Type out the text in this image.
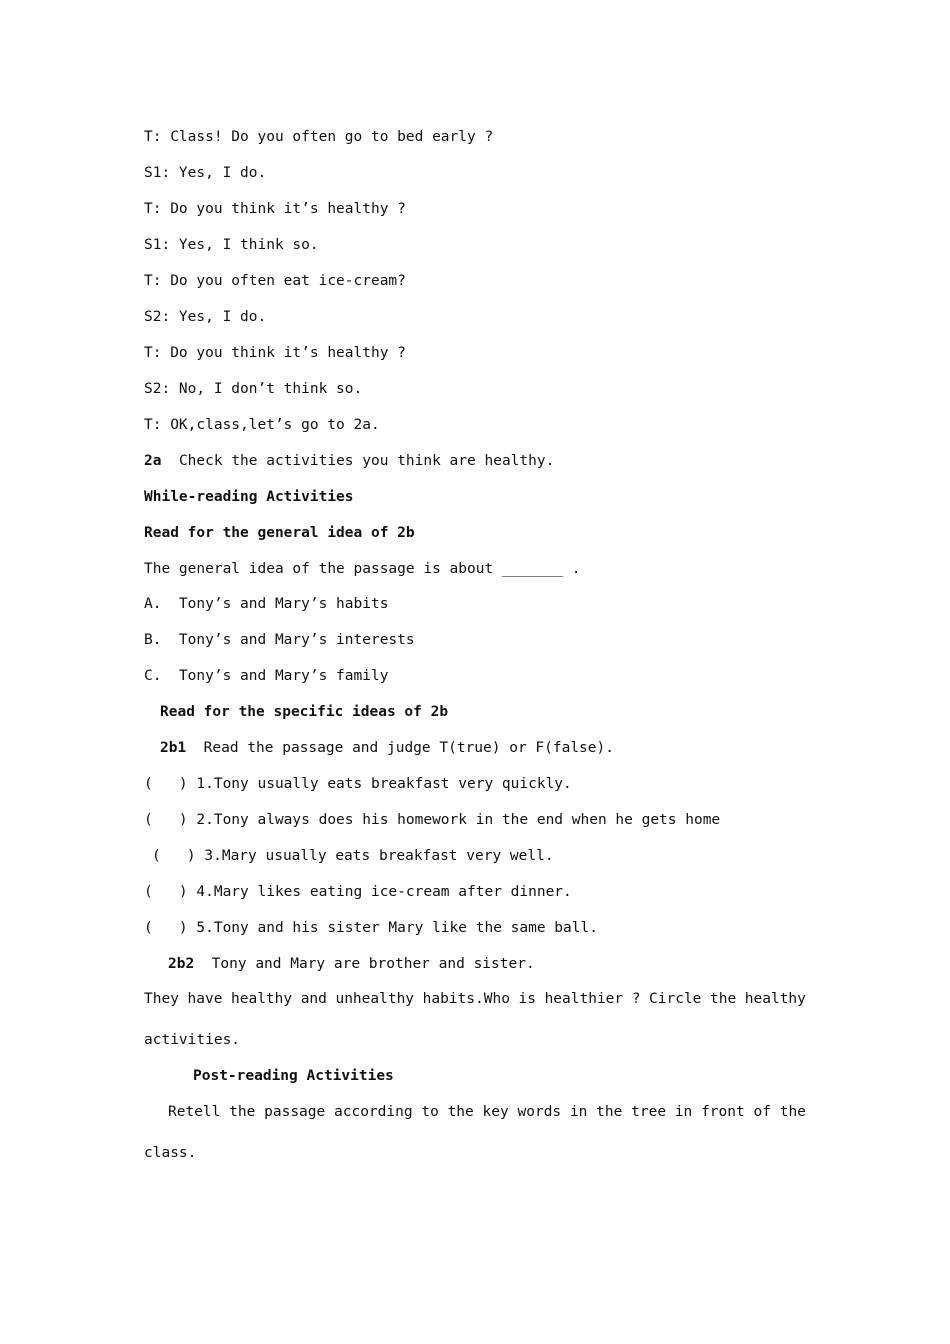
T: Class! Do you often go to bed early ?
S1: Yes, I do.
T: Do you think it’s healthy ?
S1: Yes, I think so.
T: Do you often eat ice-cream?
S2: Yes, I do.
T: Do you think it’s healthy ?
S2: No, I don’t think so.
T: OK,class,let’s go to 2a.
2a Check the activities you think are healthy.
While-reading Activities
Read for the general idea of 2b
The general idea of the passage is about _______ .
A.  Tony’s and Mary’s habits
B.  Tony’s and Mary’s interests
C.  Tony’s and Mary’s family
Read for the specific ideas of 2b
2b1 Read the passage and judge T(true) or F(false).
(   ) 1.Tony usually eats breakfast very quickly.
(   ) 2.Tony always does his homework in the end when he gets home
(   ) 3.Mary usually eats breakfast very well.
(   ) 4.Mary likes eating ice-cream after dinner.
(   ) 5.Tony and his sister Mary like the same ball.
2b2 Tony and Mary are brother and sister.
They have healthy and unhealthy habits.Who is healthier ? Circle the healthy
activities.
Post-reading Activities
Retell the passage according to the key words in the tree in front of the
class.
